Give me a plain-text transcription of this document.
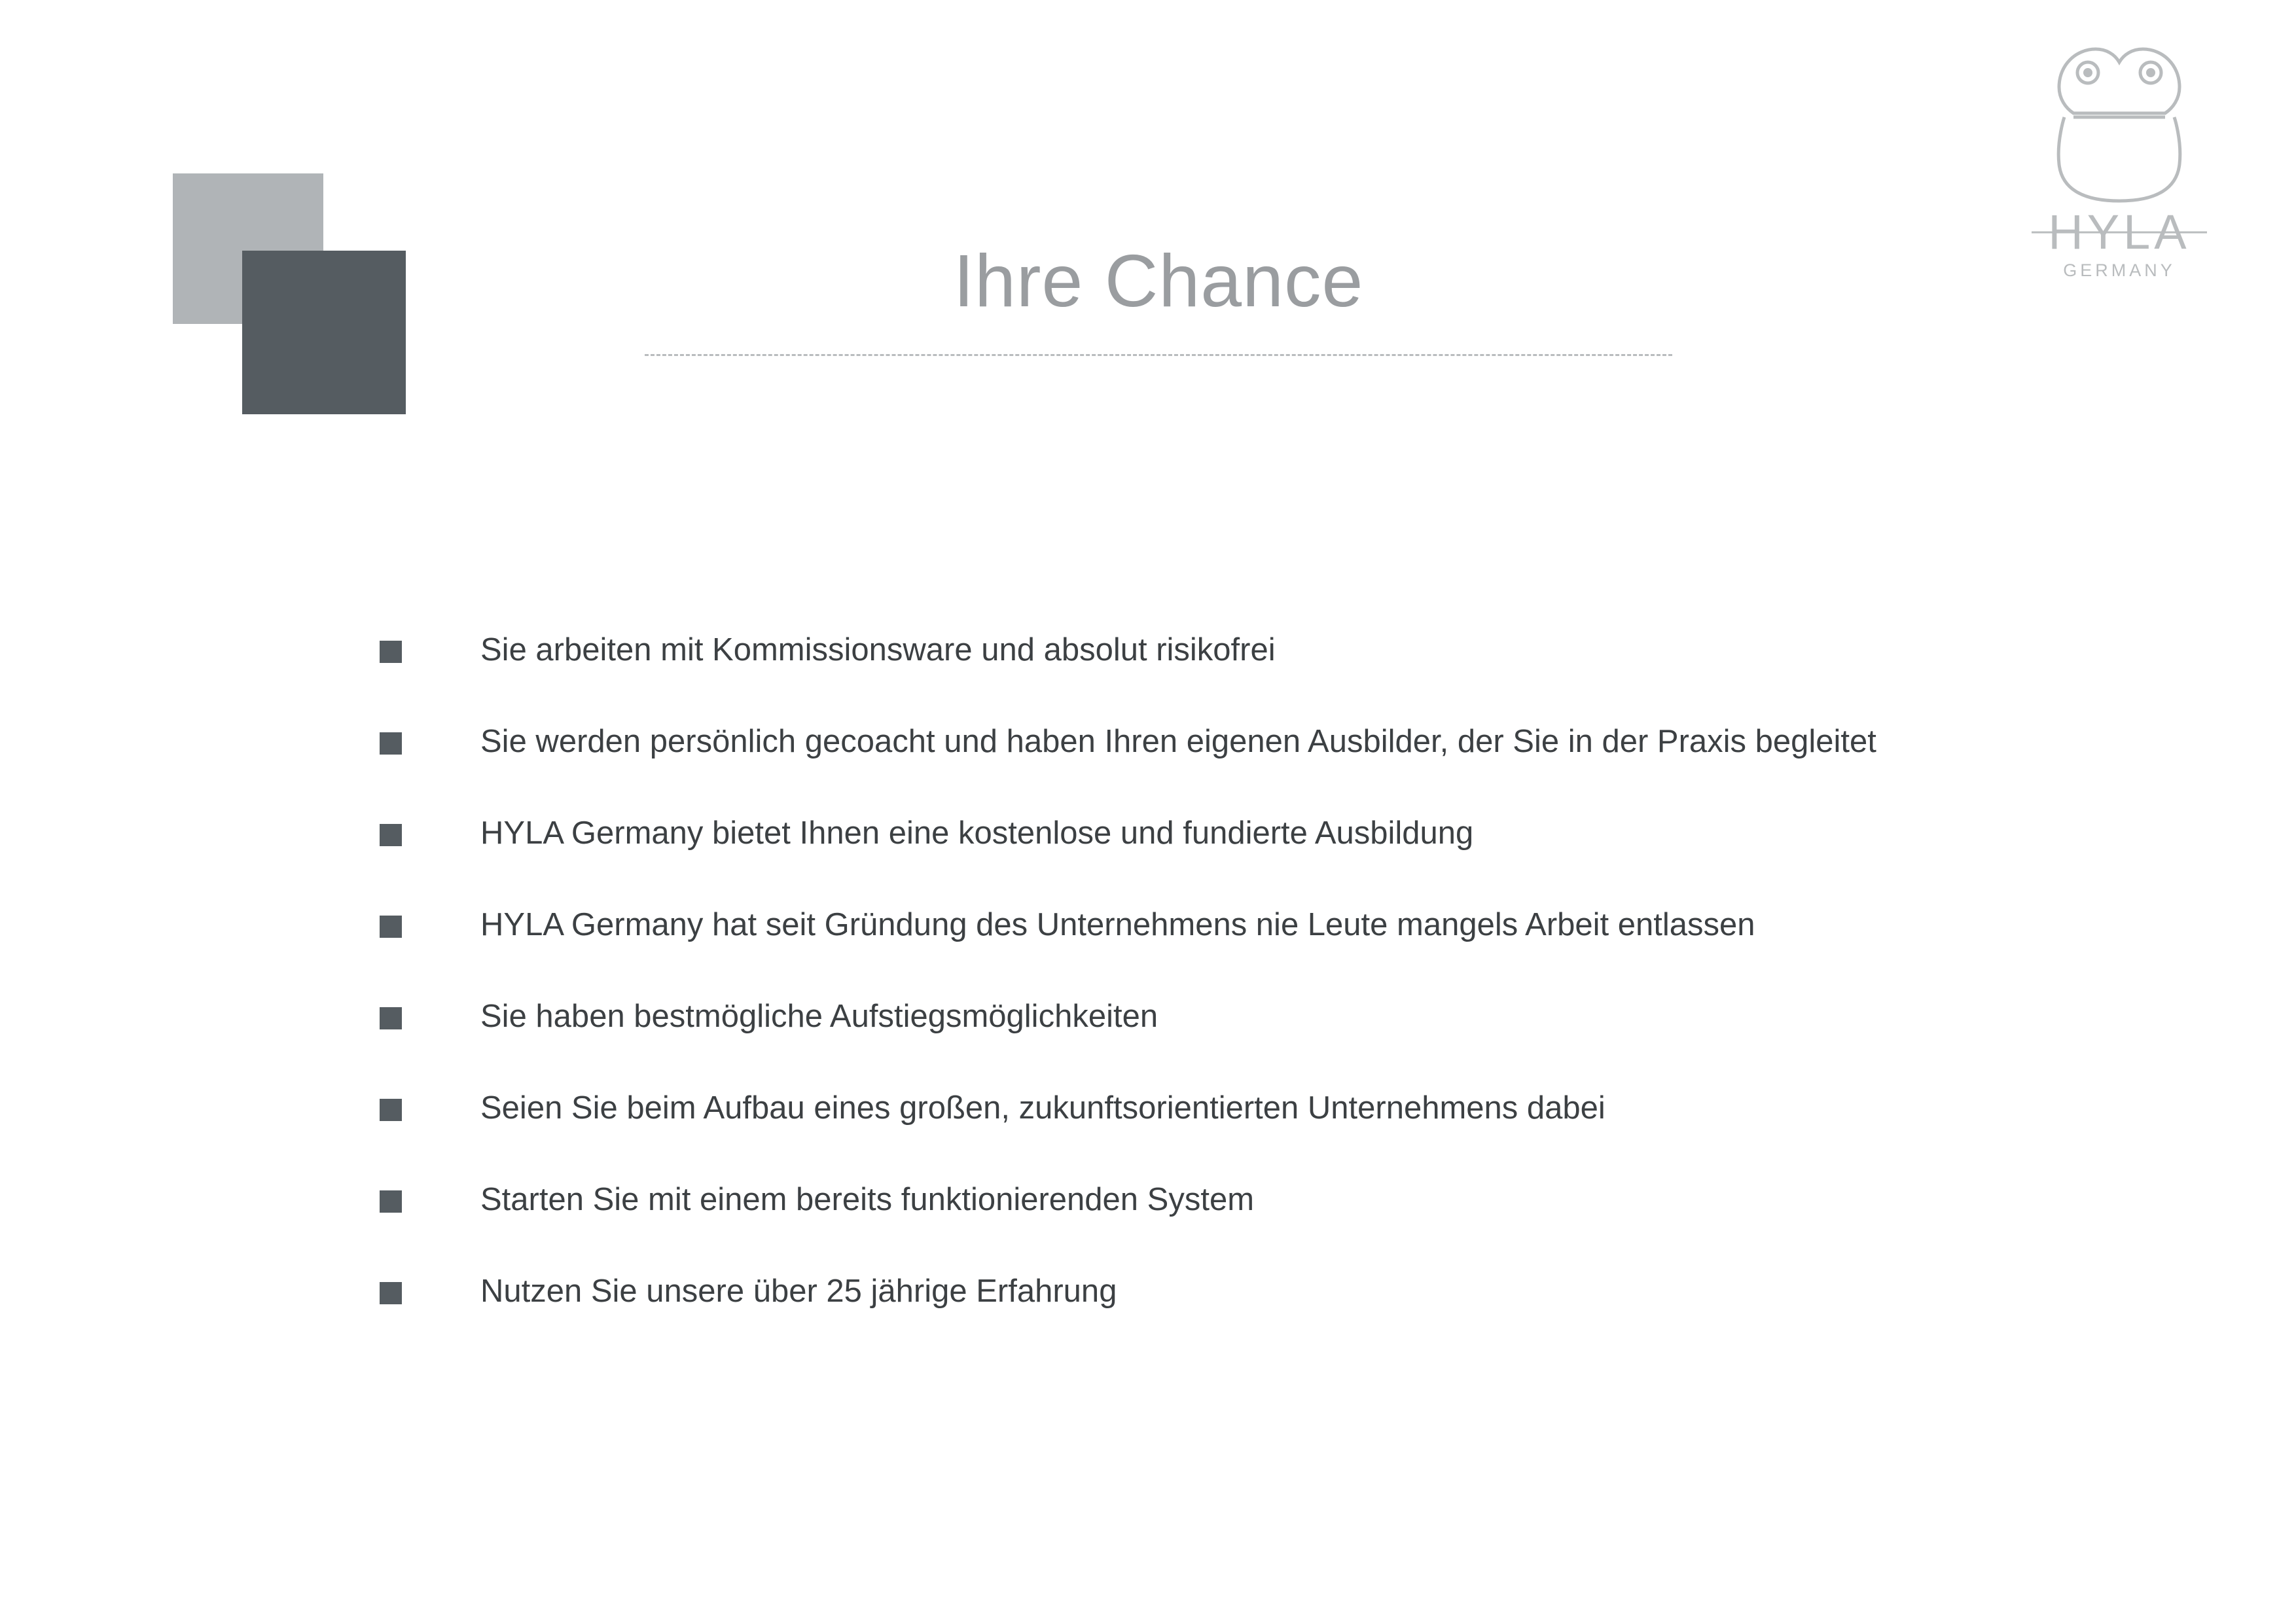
Ihre Chance
HYLA
GERMANY
Sie arbeiten mit Kommissionsware und absolut risikofrei
Sie werden persönlich gecoacht und haben Ihren eigenen Ausbilder, der Sie in der Praxis begleitet
HYLA Germany bietet Ihnen eine kostenlose und fundierte Ausbildung
HYLA Germany hat seit Gründung des Unternehmens nie Leute mangels Arbeit entlassen
Sie haben bestmögliche Aufstiegsmöglichkeiten
Seien Sie beim Aufbau eines großen, zukunftsorientierten Unternehmens dabei
Starten Sie mit einem bereits funktionierenden System
Nutzen Sie unsere über 25 jährige Erfahrung
